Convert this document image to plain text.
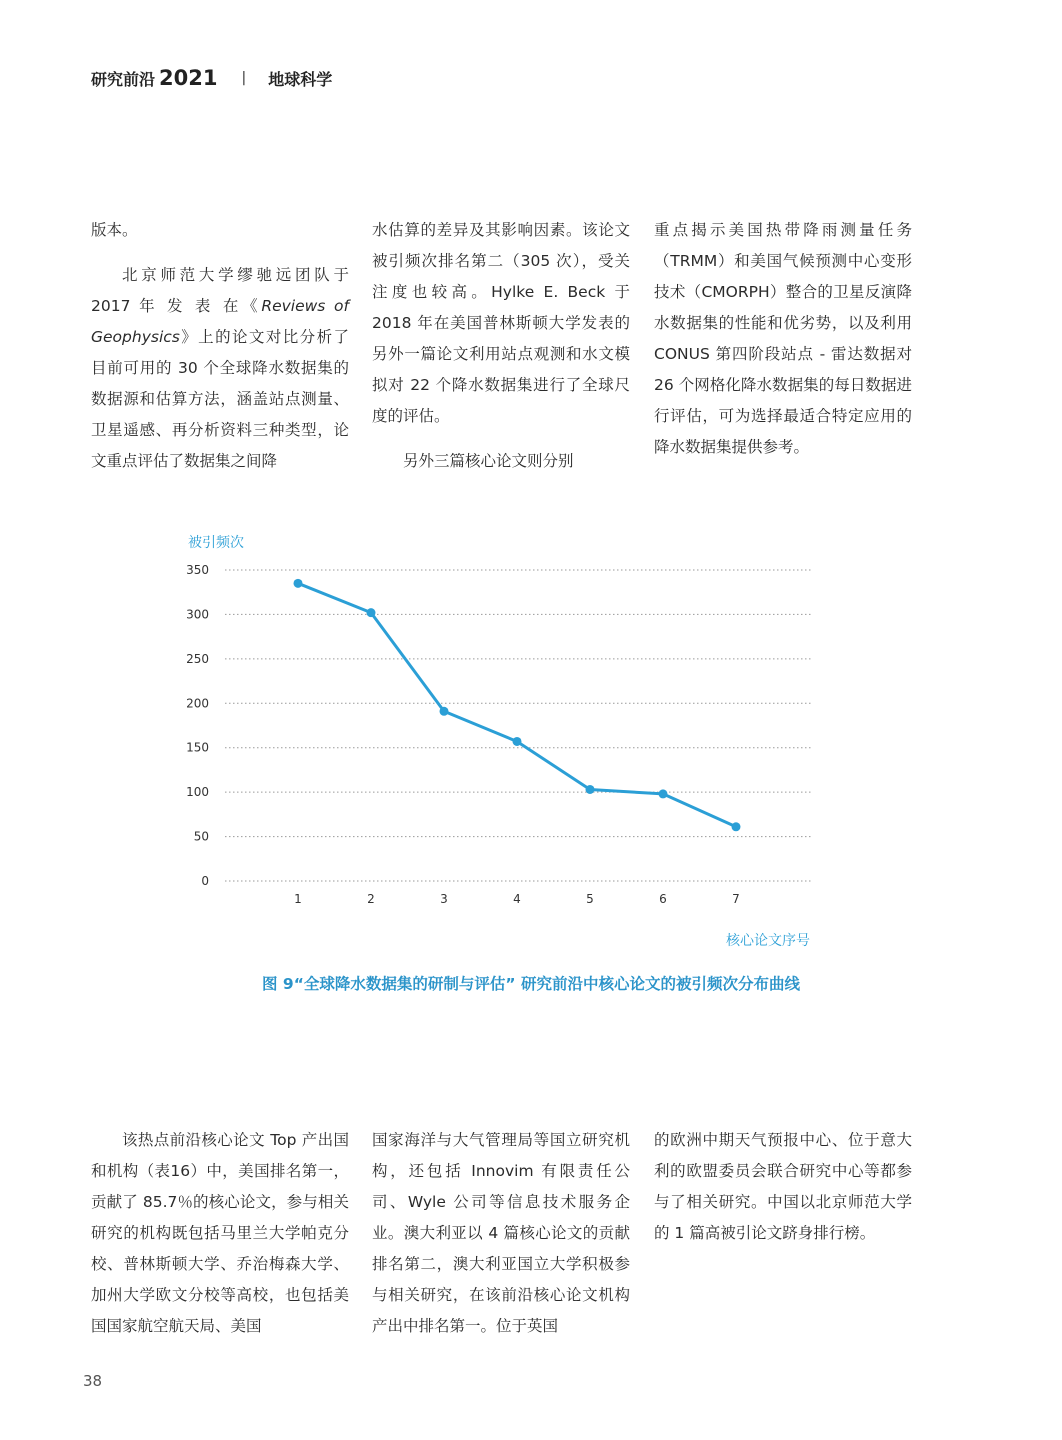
研究前沿 2021 | 地球科学

版本。

北京师范大学缪驰远团队于 2017 年 发 表 在《Reviews of Geophysics》上的论文对比分析了目前可用的 30 个全球降水数据集的数据源和估算方法，涵盖站点测量、卫星遥感、再分析资料三种类型，论文重点评估了数据集之间降

水估算的差异及其影响因素。该论文被引频次排名第二（305 次），受关注度也较高。Hylke E. Beck 于 2018 年在美国普林斯顿大学发表的另外一篇论文利用站点观测和水文模拟对 22 个降水数据集进行了全球尺度的评估。

另外三篇核心论文则分别

重点揭示美国热带降雨测量任务（TRMM）和美国气候预测中心变形技术（CMORPH）整合的卫星反演降水数据集的性能和优劣势，以及利用 CONUS 第四阶段站点 - 雷达数据对 26 个网格化降水数据集的每日数据进行评估，可为选择最适合特定应用的降水数据集提供参考。

被引频次
0
50
100
150
200
250
300
350
1	2	3	4	5	6	7
核心论文序号
图 9“全球降水数据集的研制与评估” 研究前沿中核心论文的被引频次分布曲线

该热点前沿核心论文 Top 产出国和机构（表16）中，美国排名第一，贡献了 85.7％的核心论文，参与相关研究的机构既包括马里兰大学帕克分校、普林斯顿大学、乔治梅森大学、加州大学欧文分校等高校，也包括美国国家航空航天局、美国

国家海洋与大气管理局等国立研究机构，还包括 Innovim 有限责任公司、Wyle 公司等信息技术服务企业。澳大利亚以 4 篇核心论文的贡献排名第二，澳大利亚国立大学积极参与相关研究，在该前沿核心论文机构产出中排名第一。位于英国

的欧洲中期天气预报中心、位于意大利的欧盟委员会联合研究中心等都参与了相关研究。中国以北京师范大学的 1 篇高被引论文跻身排行榜。

38
